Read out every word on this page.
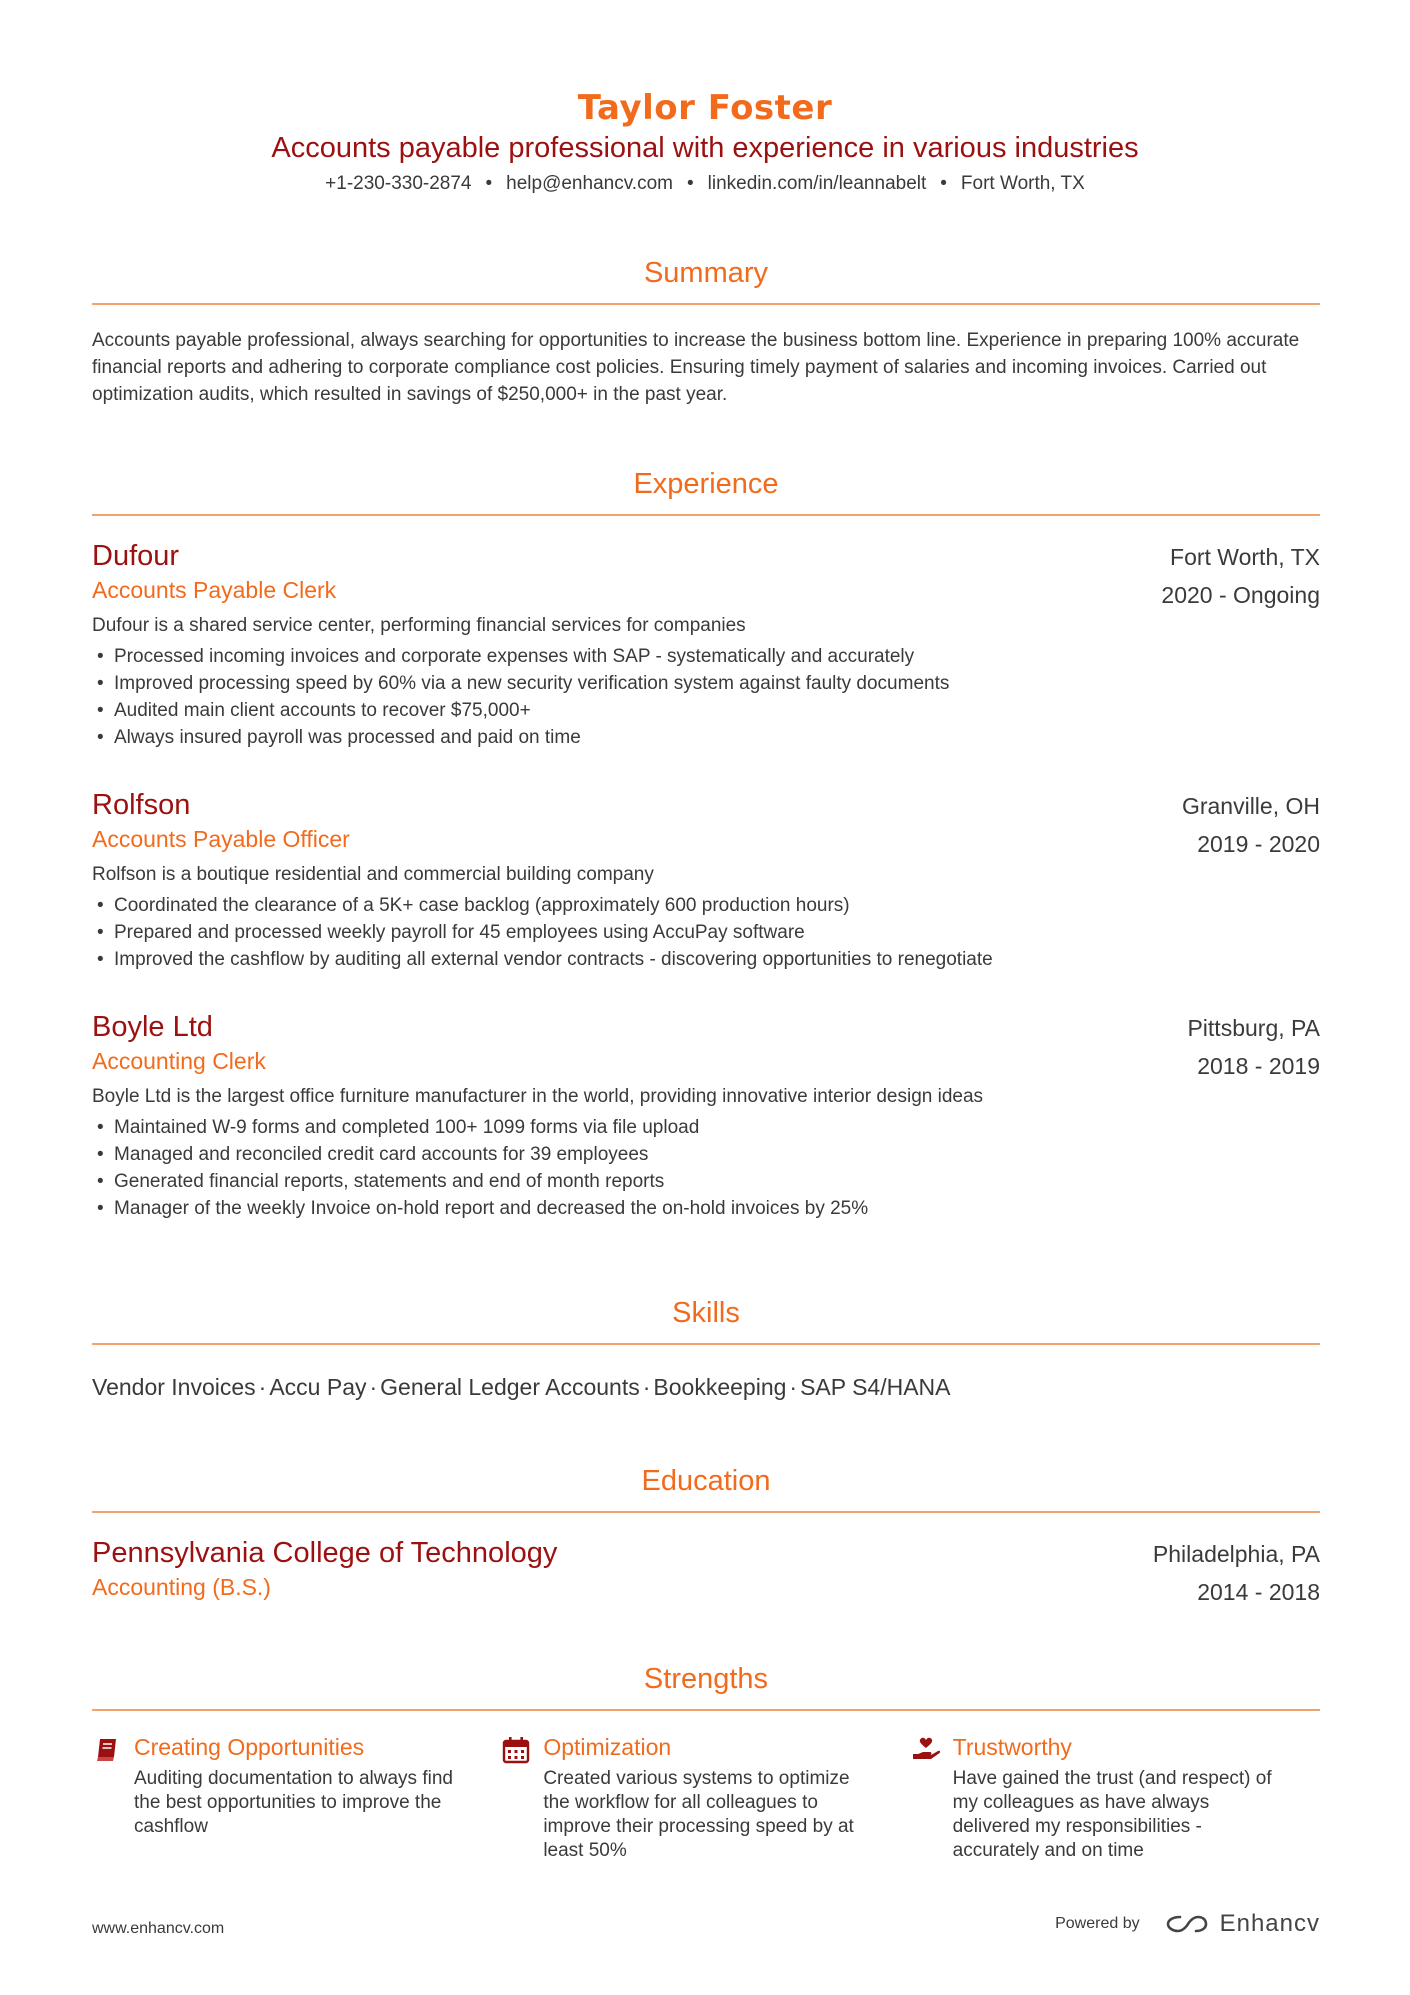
Taylor Foster
Accounts payable professional with experience in various industries
+1-230-330-2874 • help@enhancv.com • linkedin.com/in/leannabelt • Fort Worth, TX
Summary
Accounts payable professional, always searching for opportunities to increase the business bottom line. Experience in preparing 100% accurate financial reports and adhering to corporate compliance cost policies. Ensuring timely payment of salaries and incoming invoices. Carried out optimization audits, which resulted in savings of $250,000+ in the past year.
Experience
Dufour
Accounts Payable Clerk
Fort Worth, TX
2020 - Ongoing
Dufour is a shared service center, performing financial services for companies
• Processed incoming invoices and corporate expenses with SAP - systematically and accurately
• Improved processing speed by 60% via a new security verification system against faulty documents
• Audited main client accounts to recover $75,000+
• Always insured payroll was processed and paid on time
Rolfson
Accounts Payable Officer
Granville, OH
2019 - 2020
Rolfson is a boutique residential and commercial building company
• Coordinated the clearance of a 5K+ case backlog (approximately 600 production hours)
• Prepared and processed weekly payroll for 45 employees using AccuPay software
• Improved the cashflow by auditing all external vendor contracts - discovering opportunities to renegotiate
Boyle Ltd
Accounting Clerk
Pittsburg, PA
2018 - 2019
Boyle Ltd is the largest office furniture manufacturer in the world, providing innovative interior design ideas
• Maintained W-9 forms and completed 100+ 1099 forms via file upload
• Managed and reconciled credit card accounts for 39 employees
• Generated financial reports, statements and end of month reports
• Manager of the weekly Invoice on-hold report and decreased the on-hold invoices by 25%
Skills
Vendor Invoices · Accu Pay · General Ledger Accounts · Bookkeeping · SAP S4/HANA
Education
Pennsylvania College of Technology
Accounting (B.S.)
Philadelphia, PA
2014 - 2018
Strengths
Creating Opportunities
Auditing documentation to always find the best opportunities to improve the cashflow
Optimization
Created various systems to optimize the workflow for all colleagues to improve their processing speed by at least 50%
Trustworthy
Have gained the trust (and respect) of my colleagues as have always delivered my responsibilities - accurately and on time
www.enhancv.com	Powered by	Enhancv
